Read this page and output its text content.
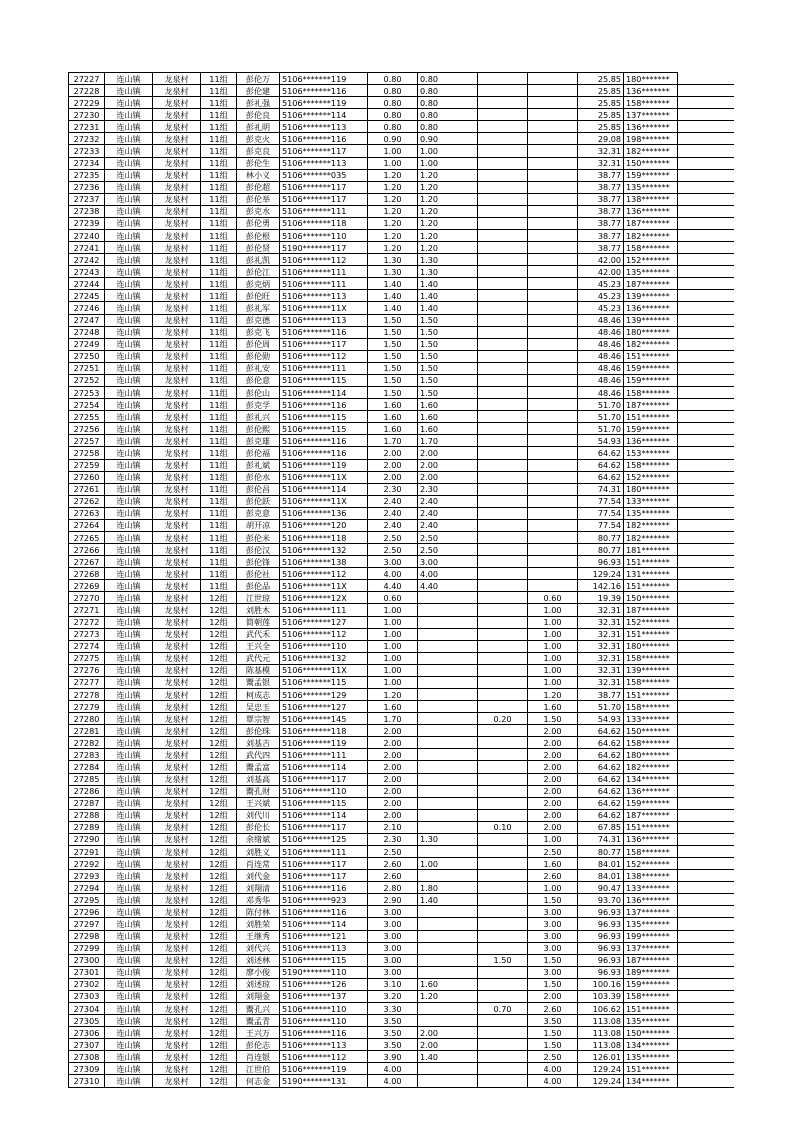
27227	连山镇	龙泉村	11组	彭伦万	5106*******119	0.80	0.80			25.85	180*******	
27228	连山镇	龙泉村	11组	彭伦建	5106*******116	0.80	0.80			25.85	136*******	
27229	连山镇	龙泉村	11组	彭礼强	5106*******119	0.80	0.80			25.85	158*******	
27230	连山镇	龙泉村	11组	彭伦良	5106*******114	0.80	0.80			25.85	137*******	
27231	连山镇	龙泉村	11组	彭礼明	5106*******113	0.80	0.80			25.85	136*******	
27232	连山镇	龙泉村	11组	彭克火	5106*******116	0.90	0.90			29.08	198*******	
27233	连山镇	龙泉村	11组	彭克良	5106*******117	1.00	1.00			32.31	182*******	
27234	连山镇	龙泉村	11组	彭伦生	5106*******113	1.00	1.00			32.31	150*******	
27235	连山镇	龙泉村	11组	林小义	5106*******035	1.20	1.20			38.77	159*******	
27236	连山镇	龙泉村	11组	彭伦超	5106*******117	1.20	1.20			38.77	135*******	
27237	连山镇	龙泉村	11组	彭伦举	5106*******117	1.20	1.20			38.77	138*******	
27238	连山镇	龙泉村	11组	彭克水	5106*******111	1.20	1.20			38.77	136*******	
27239	连山镇	龙泉村	11组	彭伦勇	5106*******118	1.20	1.20			38.77	187*******	
27240	连山镇	龙泉村	11组	彭伦根	5106*******110	1.20	1.20			38.77	182*******	
27241	连山镇	龙泉村	11组	彭伦贤	5190*******117	1.20	1.20			38.77	158*******	
27242	连山镇	龙泉村	11组	彭礼凯	5106*******112	1.30	1.30			42.00	152*******	
27243	连山镇	龙泉村	11组	彭伦江	5106*******111	1.30	1.30			42.00	135*******	
27244	连山镇	龙泉村	11组	彭克炳	5106*******111	1.40	1.40			45.23	187*******	
27245	连山镇	龙泉村	11组	彭伦旺	5106*******113	1.40	1.40			45.23	139*******	
27246	连山镇	龙泉村	11组	彭礼军	5106*******11X	1.40	1.40			45.23	136*******	
27247	连山镇	龙泉村	11组	彭克德	5106*******113	1.50	1.50			48.46	139*******	
27248	连山镇	龙泉村	11组	彭克飞	5106*******116	1.50	1.50			48.46	180*******	
27249	连山镇	龙泉村	11组	彭伦周	5106*******117	1.50	1.50			48.46	182*******	
27250	连山镇	龙泉村	11组	彭伦勋	5106*******112	1.50	1.50			48.46	151*******	
27251	连山镇	龙泉村	11组	彭礼安	5106*******111	1.50	1.50			48.46	159*******	
27252	连山镇	龙泉村	11组	彭伦意	5106*******115	1.50	1.50			48.46	159*******	
27253	连山镇	龙泉村	11组	彭伦山	5106*******114	1.50	1.50			48.46	158*******	
27254	连山镇	龙泉村	11组	彭克学	5106*******116	1.60	1.60			51.70	187*******	
27255	连山镇	龙泉村	11组	彭礼兴	5106*******115	1.60	1.60			51.70	151*******	
27256	连山镇	龙泉村	11组	彭伦熙	5106*******115	1.60	1.60			51.70	159*******	
27257	连山镇	龙泉村	11组	彭克雄	5106*******116	1.70	1.70			54.93	136*******	
27258	连山镇	龙泉村	11组	彭伦福	5106*******116	2.00	2.00			64.62	153*******	
27259	连山镇	龙泉村	11组	彭礼斌	5106*******119	2.00	2.00			64.62	158*******	
27260	连山镇	龙泉村	11组	彭伦水	5106*******11X	2.00	2.00			64.62	152*******	
27261	连山镇	龙泉村	11组	彭伦昌	5106*******114	2.30	2.30			74.31	180*******	
27262	连山镇	龙泉村	11组	彭伦跃	5106*******11X	2.40	2.40			77.54	133*******	
27263	连山镇	龙泉村	11组	彭克意	5106*******136	2.40	2.40			77.54	135*******	
27264	连山镇	龙泉村	11组	胡开凉	5106*******120	2.40	2.40			77.54	182*******	
27265	连山镇	龙泉村	11组	彭伦米	5106*******118	2.50	2.50			80.77	182*******	
27266	连山镇	龙泉村	11组	彭伦汉	5106*******132	2.50	2.50			80.77	181*******	
27267	连山镇	龙泉村	11组	彭伦锋	5106*******138	3.00	3.00			96.93	151*******	
27268	连山镇	龙泉村	11组	彭伦社	5106*******112	4.00	4.00			129.24	131*******	
27269	连山镇	龙泉村	11组	彭伦品	5106*******11X	4.40	4.40			142.16	151*******	
27270	连山镇	龙泉村	12组	江世琼	5106*******12X	0.60			0.60	19.39	150*******	
27271	连山镇	龙泉村	12组	刘胜木	5106*******111	1.00			1.00	32.31	187*******	
27272	连山镇	龙泉村	12组	简朝莲	5106*******127	1.00			1.00	32.31	152*******	
27273	连山镇	龙泉村	12组	武代禾	5106*******112	1.00			1.00	32.31	151*******	
27274	连山镇	龙泉村	12组	王兴全	5106*******110	1.00			1.00	32.31	180*******	
27275	连山镇	龙泉村	12组	武代元	5106*******132	1.00			1.00	32.31	158*******	
27276	连山镇	龙泉村	12组	陈基模	5106*******11X	1.00			1.00	32.31	139*******	
27277	连山镇	龙泉村	12组	鬻孟银	5106*******115	1.00			1.00	32.31	158*******	
27278	连山镇	龙泉村	12组	柯成志	5106*******129	1.20			1.20	38.77	151*******	
27279	连山镇	龙泉村	12组	吴忠玉	5106*******127	1.60			1.60	51.70	158*******	
27280	连山镇	龙泉村	12组	覃宗智	5106*******145	1.70		0.20	1.50	54.93	133*******	
27281	连山镇	龙泉村	12组	彭伦珠	5106*******118	2.00			2.00	64.62	150*******	
27282	连山镇	龙泉村	12组	刘基吉	5106*******119	2.00			2.00	64.62	158*******	
27283	连山镇	龙泉村	12组	武代四	5106*******111	2.00			2.00	64.62	180*******	
27284	连山镇	龙泉村	12组	鬻孟富	5106*******114	2.00			2.00	64.62	182*******	
27285	连山镇	龙泉村	12组	刘基高	5106*******117	2.00			2.00	64.62	134*******	
27286	连山镇	龙泉村	12组	鬻孔财	5106*******110	2.00			2.00	64.62	136*******	
27287	连山镇	龙泉村	12组	王兴斌	5106*******115	2.00			2.00	64.62	159*******	
27288	连山镇	龙泉村	12组	刘代川	5106*******114	2.00			2.00	64.62	187*******	
27289	连山镇	龙泉村	12组	彭伦长	5106*******117	2.10		0.10	2.00	67.85	151*******	
27290	连山镇	龙泉村	12组	余绪斌	5106*******125	2.30	1.30		1.00	74.31	136*******	
27291	连山镇	龙泉村	12组	刘胜义	5106*******111	2.50			2.50	80.77	158*******	
27292	连山镇	龙泉村	12组	肖连常	5106*******117	2.60	1.00		1.60	84.01	152*******	
27293	连山镇	龙泉村	12组	刘代金	5106*******117	2.60			2.60	84.01	138*******	
27294	连山镇	龙泉村	12组	刘翔清	5106*******116	2.80	1.80		1.00	90.47	133*******	
27295	连山镇	龙泉村	12组	邓秀华	5106*******923	2.90	1.40		1.50	93.70	136*******	
27296	连山镇	龙泉村	12组	陈付林	5106*******116	3.00			3.00	96.93	137*******	
27297	连山镇	龙泉村	12组	刘胜荣	5106*******114	3.00			3.00	96.93	135*******	
27298	连山镇	龙泉村	12组	王继秀	5106*******121	3.00			3.00	96.93	199*******	
27299	连山镇	龙泉村	12组	刘代兴	5106*******113	3.00			3.00	96.93	137*******	
27300	连山镇	龙泉村	12组	刘述林	5106*******115	3.00		1.50	1.50	96.93	187*******	
27301	连山镇	龙泉村	12组	廖小俊	5190*******110	3.00			3.00	96.93	189*******	
27302	连山镇	龙泉村	12组	刘述琼	5106*******126	3.10	1.60		1.50	100.16	159*******	
27303	连山镇	龙泉村	12组	刘翔金	5106*******137	3.20	1.20		2.00	103.39	158*******	
27304	连山镇	龙泉村	12组	鬻孔兴	5106*******110	3.30		0.70	2.60	106.62	151*******	
27305	连山镇	龙泉村	12组	鬻孟青	5106*******110	3.50			3.50	113.08	135*******	
27306	连山镇	龙泉村	12组	王兴万	5106*******116	3.50	2.00		1.50	113.08	150*******	
27307	连山镇	龙泉村	12组	彭伦志	5106*******113	3.50	2.00		1.50	113.08	134*******	
27308	连山镇	龙泉村	12组	肖连银	5106*******112	3.90	1.40		2.50	126.01	135*******	
27309	连山镇	龙泉村	12组	江世伯	5106*******119	4.00			4.00	129.24	151*******	
27310	连山镇	龙泉村	12组	何志金	5190*******131	4.00			4.00	129.24	134*******	
